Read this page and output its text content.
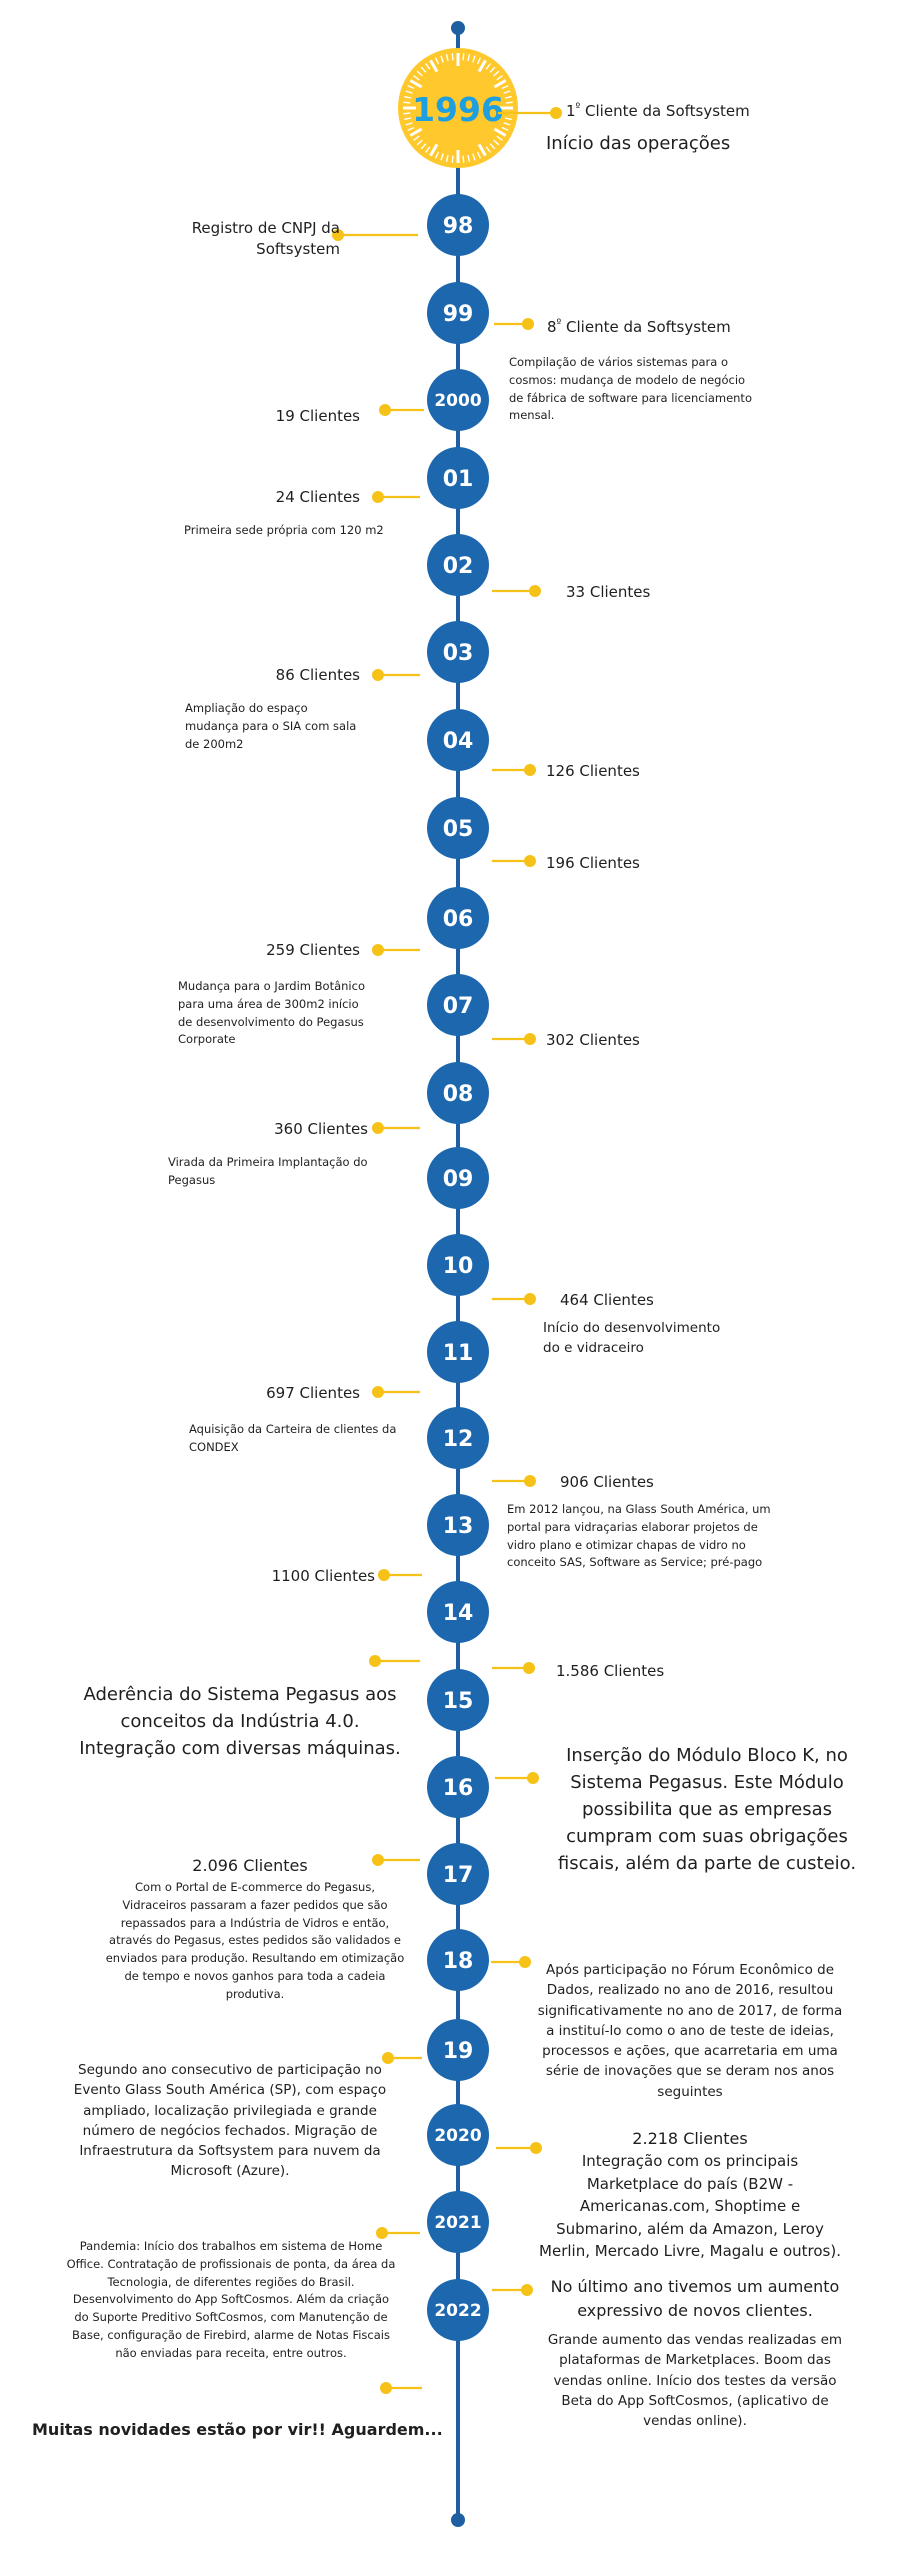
1996
98
99
2000
01
02
03
04
05
06
07
08
09
10
11
12
13
14
15
16
17
18
19
2020
2021
2022
$1^º$ Cliente da Softsystem
Início das operações
Registro de CNPJ da Softsystem
$8^º$ Cliente da Softsystem
Compilação de vários sistemas para o cosmos: mudança de modelo de negócio de fábrica de software para licenciamento mensal.
19 Clientes
24 Clientes
Primeira sede própria com 120 m2
33 Clientes
86 Clientes
Ampliação do espaço mudança para o SIA com sala de 200m2
126 Clientes
196 Clientes
259 Clientes
Mudança para o Jardim Botânico para uma área de 300m2 início de desenvolvimento do Pegasus Corporate	302 Clientes
360 Clientes
Virada da Primeira Implantação do Pegasus
464 Clientes
Início do desenvolvimento do e vidraceiro
697 Clientes
Aquisição da Carteira de clientes da CONDEX
906 Clientes
Em 2012 lançou, na Glass South América, um portal para vidraçarias elaborar projetos de vidro plano e otimizar chapas de vidro no conceito SAS, Software as Service; pré-pago
1100 Clientes
Aderência do Sistema Pegasus aos conceitos da Indústria 4.0. Integração com diversas máquinas.
1.586 Clientes
Inserção do Módulo Bloco K, no Sistema Pegasus. Este Módulo possibilita que as empresas cumpram com suas obrigações fiscais, além da parte de custeio.
2.096 Clientes
Com o Portal de E-commerce do Pegasus, Vidraceiros passaram a fazer pedidos que são repassados para a Indústria de Vidros e então, através do Pegasus, estes pedidos são validados e enviados para produção. Resultando em otimização de tempo e novos ganhos para toda a cadeia produtiva.
Após participação no Fórum Econômico de Dados, realizado no ano de 2016, resultou significativamente no ano de 2017, de forma a instituí-lo como o ano de teste de ideias, processos e ações, que acarretaria em uma série de inovações que se deram nos anos seguintes
Segundo ano consecutivo de participação no Evento Glass South América (SP), com espaço ampliado, localização privilegiada e grande número de negócios fechados. Migração de Infraestrutura da Softsystem para nuvem da Microsoft (Azure).
2.218 Clientes
Integração com os principais Marketplace do país (B2W - Americanas.com, Shoptime e Submarino, além da Amazon, Leroy Merlin, Mercado Livre, Magalu e outros).
Pandemia: Início dos trabalhos em sistema de Home Office. Contratação de profissionais de ponta, da área da Tecnologia, de diferentes regiões do Brasil. Desenvolvimento do App SoftCosmos. Além da criação do Suporte Preditivo SoftCosmos, com Manutenção de Base, configuração de Firebird, alarme de Notas Fiscais não enviadas para receita, entre outros.
No último ano tivemos um aumento expressivo de novos clientes.
Grande aumento das vendas realizadas em plataformas de Marketplaces. Boom das vendas online. Início dos testes da versão Beta do App SoftCosmos, (aplicativo de vendas online).
Muitas novidades estão por vir!! Aguardem...
